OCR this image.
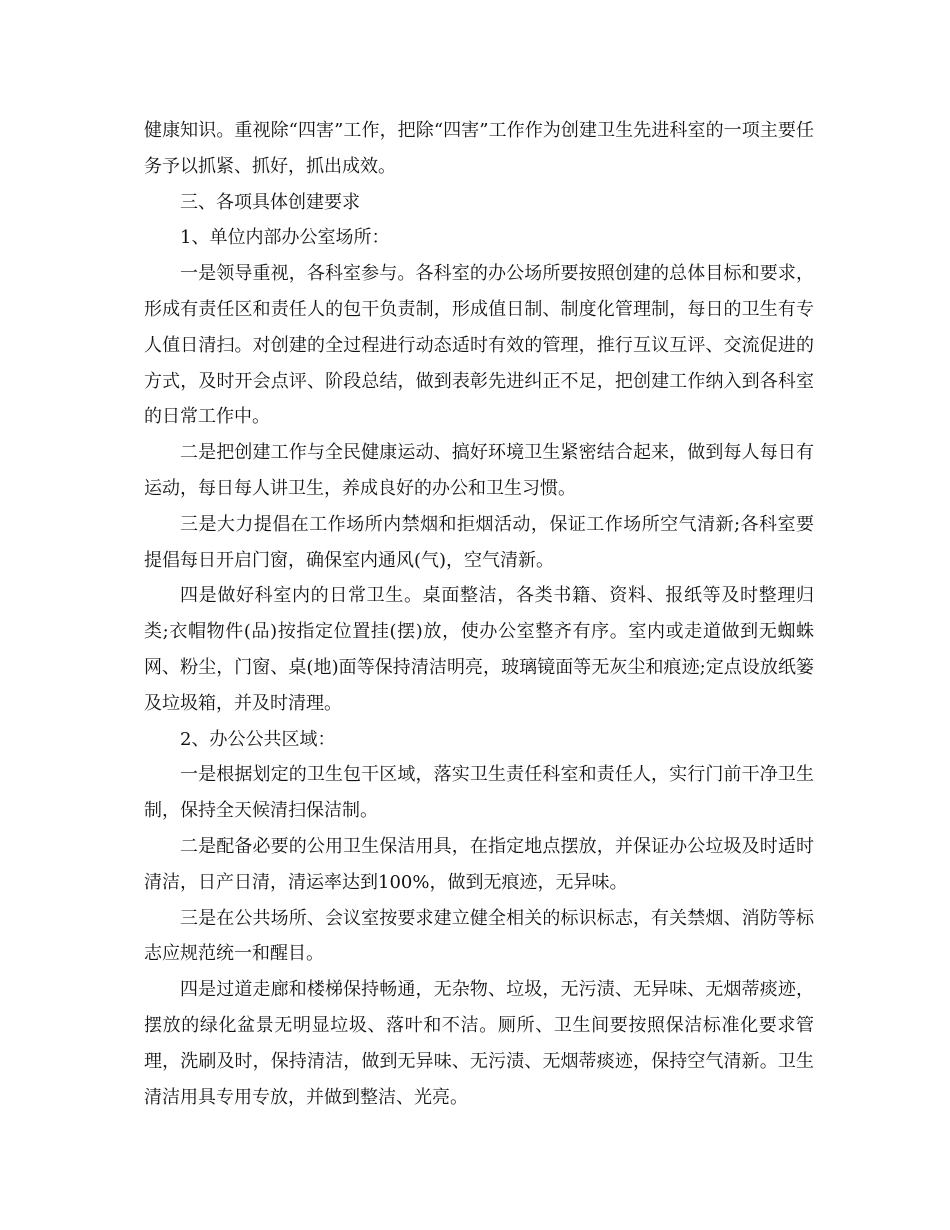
健康知识。重视除“四害”工作，把除“四害”工作作为创建卫生先进科室的一项主要任务予以抓紧、抓好，抓出成效。

三、各项具体创建要求

1、单位内部办公室场所：

一是领导重视，各科室参与。各科室的办公场所要按照创建的总体目标和要求，形成有责任区和责任人的包干负责制，形成值日制、制度化管理制，每日的卫生有专人值日清扫。对创建的全过程进行动态适时有效的管理，推行互议互评、交流促进的方式，及时开会点评、阶段总结，做到表彰先进纠正不足，把创建工作纳入到各科室的日常工作中。

二是把创建工作与全民健康运动、搞好环境卫生紧密结合起来，做到每人每日有运动，每日每人讲卫生，养成良好的办公和卫生习惯。

三是大力提倡在工作场所内禁烟和拒烟活动，保证工作场所空气清新;各科室要提倡每日开启门窗，确保室内通风(气)，空气清新。

四是做好科室内的日常卫生。桌面整洁，各类书籍、资料、报纸等及时整理归类;衣帽物件(品)按指定位置挂(摆)放，使办公室整齐有序。室内或走道做到无蜘蛛网、粉尘，门窗、桌(地)面等保持清洁明亮，玻璃镜面等无灰尘和痕迹;定点设放纸篓及垃圾箱，并及时清理。

2、办公公共区域：

一是根据划定的卫生包干区域，落实卫生责任科室和责任人，实行门前干净卫生制，保持全天候清扫保洁制。

二是配备必要的公用卫生保洁用具，在指定地点摆放，并保证办公垃圾及时适时清洁，日产日清，清运率达到100%，做到无痕迹，无异味。

三是在公共场所、会议室按要求建立健全相关的标识标志，有关禁烟、消防等标志应规范统一和醒目。

四是过道走廊和楼梯保持畅通，无杂物、垃圾，无污渍、无异味、无烟蒂痰迹，摆放的绿化盆景无明显垃圾、落叶和不洁。厕所、卫生间要按照保洁标准化要求管理，洗刷及时，保持清洁，做到无异味、无污渍、无烟蒂痰迹，保持空气清新。卫生清洁用具专用专放，并做到整洁、光亮。
